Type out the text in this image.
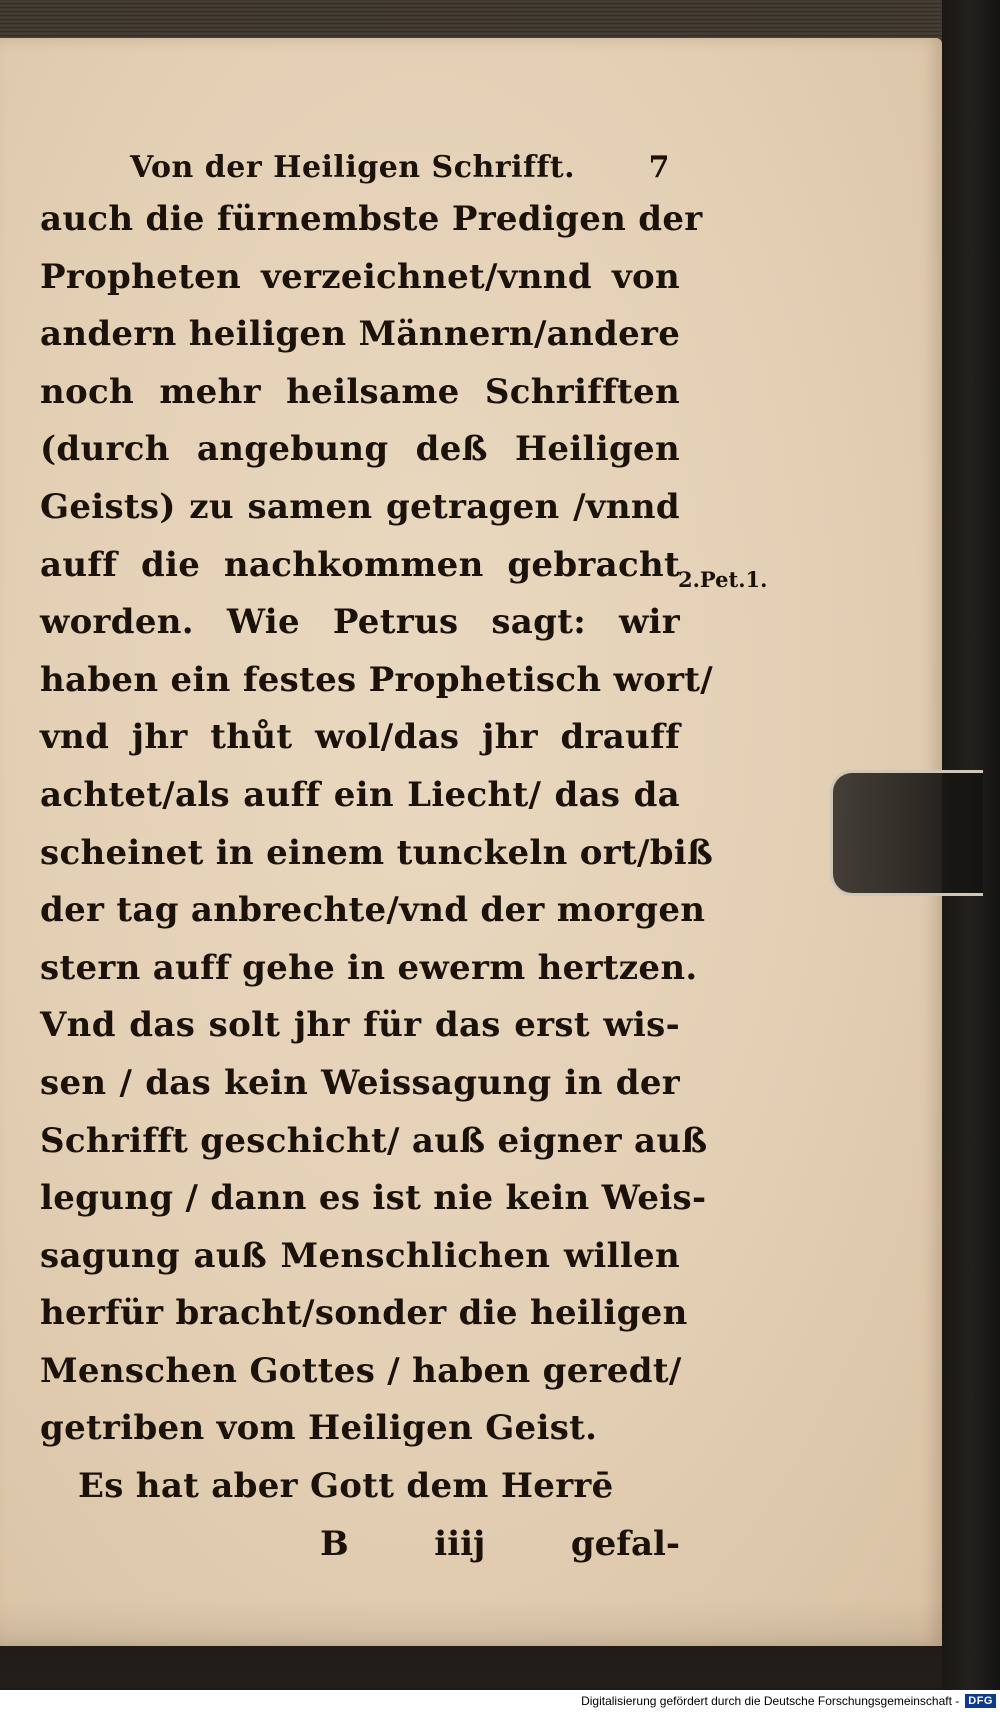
Von der Heiligen Schrifft. 7
auch die fürnembste Predigen der
Propheten verzeichnet/vnnd von
andern heiligen Männern/andere
noch mehr heilsame Schrifften
(durch angebung deß Heiligen
Geists) zu samen getragen /vnnd
auff die nachkommen gebracht
worden. Wie Petrus sagt: wir
haben ein festes Prophetisch wort/
vnd jhr thůt wol/das jhr drauff
achtet/als auff ein Liecht/ das da
scheinet in einem tunckeln ort/biß
der tag anbrechte/vnd der morgen
stern auff gehe in ewerm hertzen.
Vnd das solt jhr für das erst wis-
sen / das kein Weissagung in der
Schrifft geschicht/ auß eigner auß
legung / dann es ist nie kein Weis-
sagung auß Menschlichen willen
herfür bracht/sonder die heiligen
Menschen Gottes / haben geredt/
getriben vom Heiligen Geist.
Es hat aber Gott dem Herrē
B	iiij	gefal-
2.Pet.1.
Digitalisierung gefördert durch die Deutsche Forschungsgemeinschaft - DFG
